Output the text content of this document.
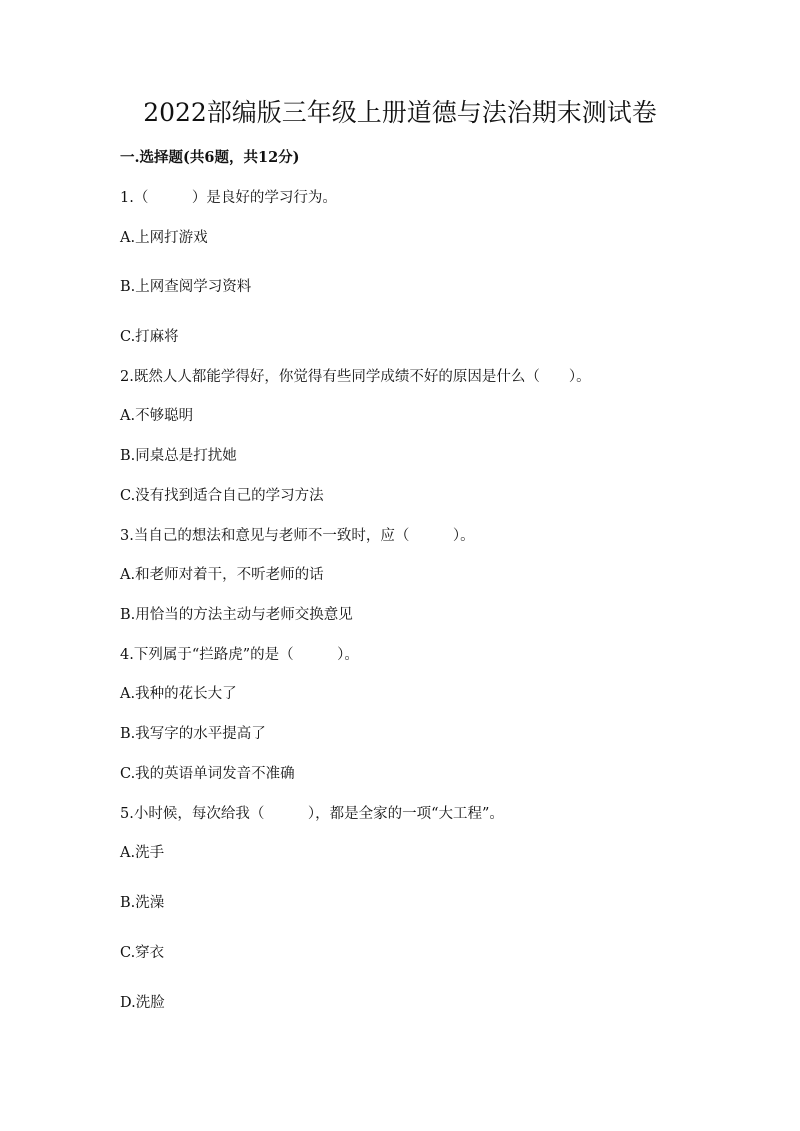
2022部编版三年级上册道德与法治期末测试卷
一.选择题(共6题，共12分)
1.（　　　）是良好的学习行为。
A.上网打游戏
B.上网查阅学习资料
C.打麻将
2.既然人人都能学得好，你觉得有些同学成绩不好的原因是什么（　　）。
A.不够聪明
B.同桌总是打扰她
C.没有找到适合自己的学习方法
3.当自己的想法和意见与老师不一致时，应（　　　）。
A.和老师对着干，不听老师的话
B.用恰当的方法主动与老师交换意见
4.下列属于“拦路虎”的是（　　　）。
A.我种的花长大了
B.我写字的水平提高了
C.我的英语单词发音不准确
5.小时候，每次给我（　　　），都是全家的一项“大工程”。
A.洗手
B.洗澡
C.穿衣
D.洗脸
